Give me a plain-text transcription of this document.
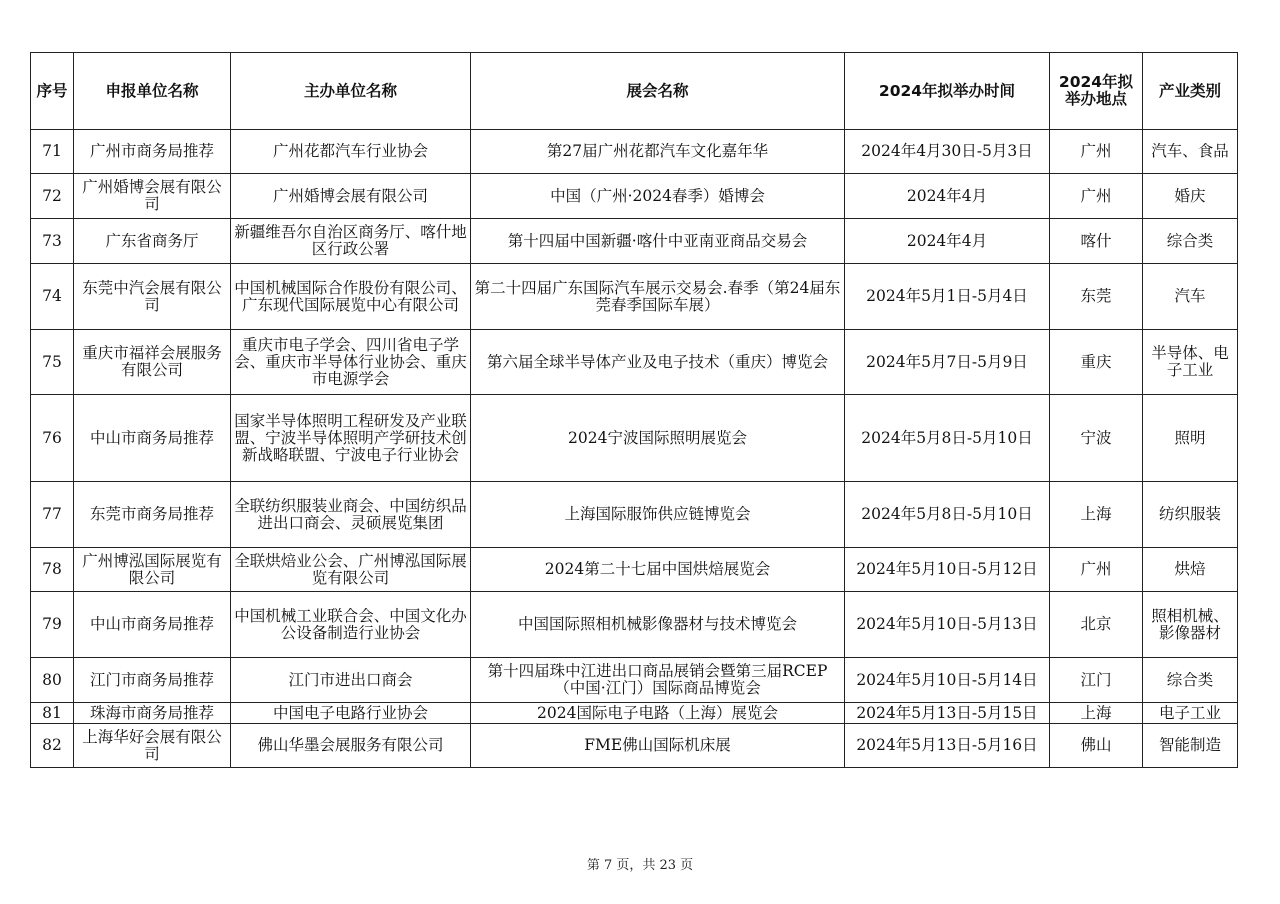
序号	申报单位名称	主办单位名称	展会名称	2024年拟举办时间	2024年拟举办地点	产业类别
71	广州市商务局推荐	广州花都汽车行业协会	第27届广州花都汽车文化嘉年华	2024年4月30日-5月3日	广州	汽车、食品
72	广州婚博会展有限公司	广州婚博会展有限公司	中国（广州·2024春季）婚博会	2024年4月	广州	婚庆
73	广东省商务厅	新疆维吾尔自治区商务厅、喀什地区行政公署	第十四届中国新疆·喀什中亚南亚商品交易会	2024年4月	喀什	综合类
74	东莞中汽会展有限公司	中国机械国际合作股份有限公司、广东现代国际展览中心有限公司	第二十四届广东国际汽车展示交易会.春季（第24届东莞春季国际车展）	2024年5月1日-5月4日	东莞	汽车
75	重庆市福祥会展服务有限公司	重庆市电子学会、四川省电子学会、重庆市半导体行业协会、重庆市电源学会	第六届全球半导体产业及电子技术（重庆）博览会	2024年5月7日-5月9日	重庆	半导体、电子工业
76	中山市商务局推荐	国家半导体照明工程研发及产业联盟、宁波半导体照明产学研技术创新战略联盟、宁波电子行业协会	2024宁波国际照明展览会	2024年5月8日-5月10日	宁波	照明
77	东莞市商务局推荐	全联纺织服装业商会、中国纺织品进出口商会、灵硕展览集团	上海国际服饰供应链博览会	2024年5月8日-5月10日	上海	纺织服装
78	广州博泓国际展览有限公司	全联烘焙业公会、广州博泓国际展览有限公司	2024第二十七届中国烘焙展览会	2024年5月10日-5月12日	广州	烘焙
79	中山市商务局推荐	中国机械工业联合会、中国文化办公设备制造行业协会	中国国际照相机械影像器材与技术博览会	2024年5月10日-5月13日	北京	照相机械、影像器材
80	江门市商务局推荐	江门市进出口商会	第十四届珠中江进出口商品展销会暨第三届RCEP（中国·江门）国际商品博览会	2024年5月10日-5月14日	江门	综合类
81	珠海市商务局推荐	中国电子电路行业协会	2024国际电子电路（上海）展览会	2024年5月13日-5月15日	上海	电子工业
82	上海华好会展有限公司	佛山华墨会展服务有限公司	FME佛山国际机床展	2024年5月13日-5月16日	佛山	智能制造
第 7 页，共 23 页
